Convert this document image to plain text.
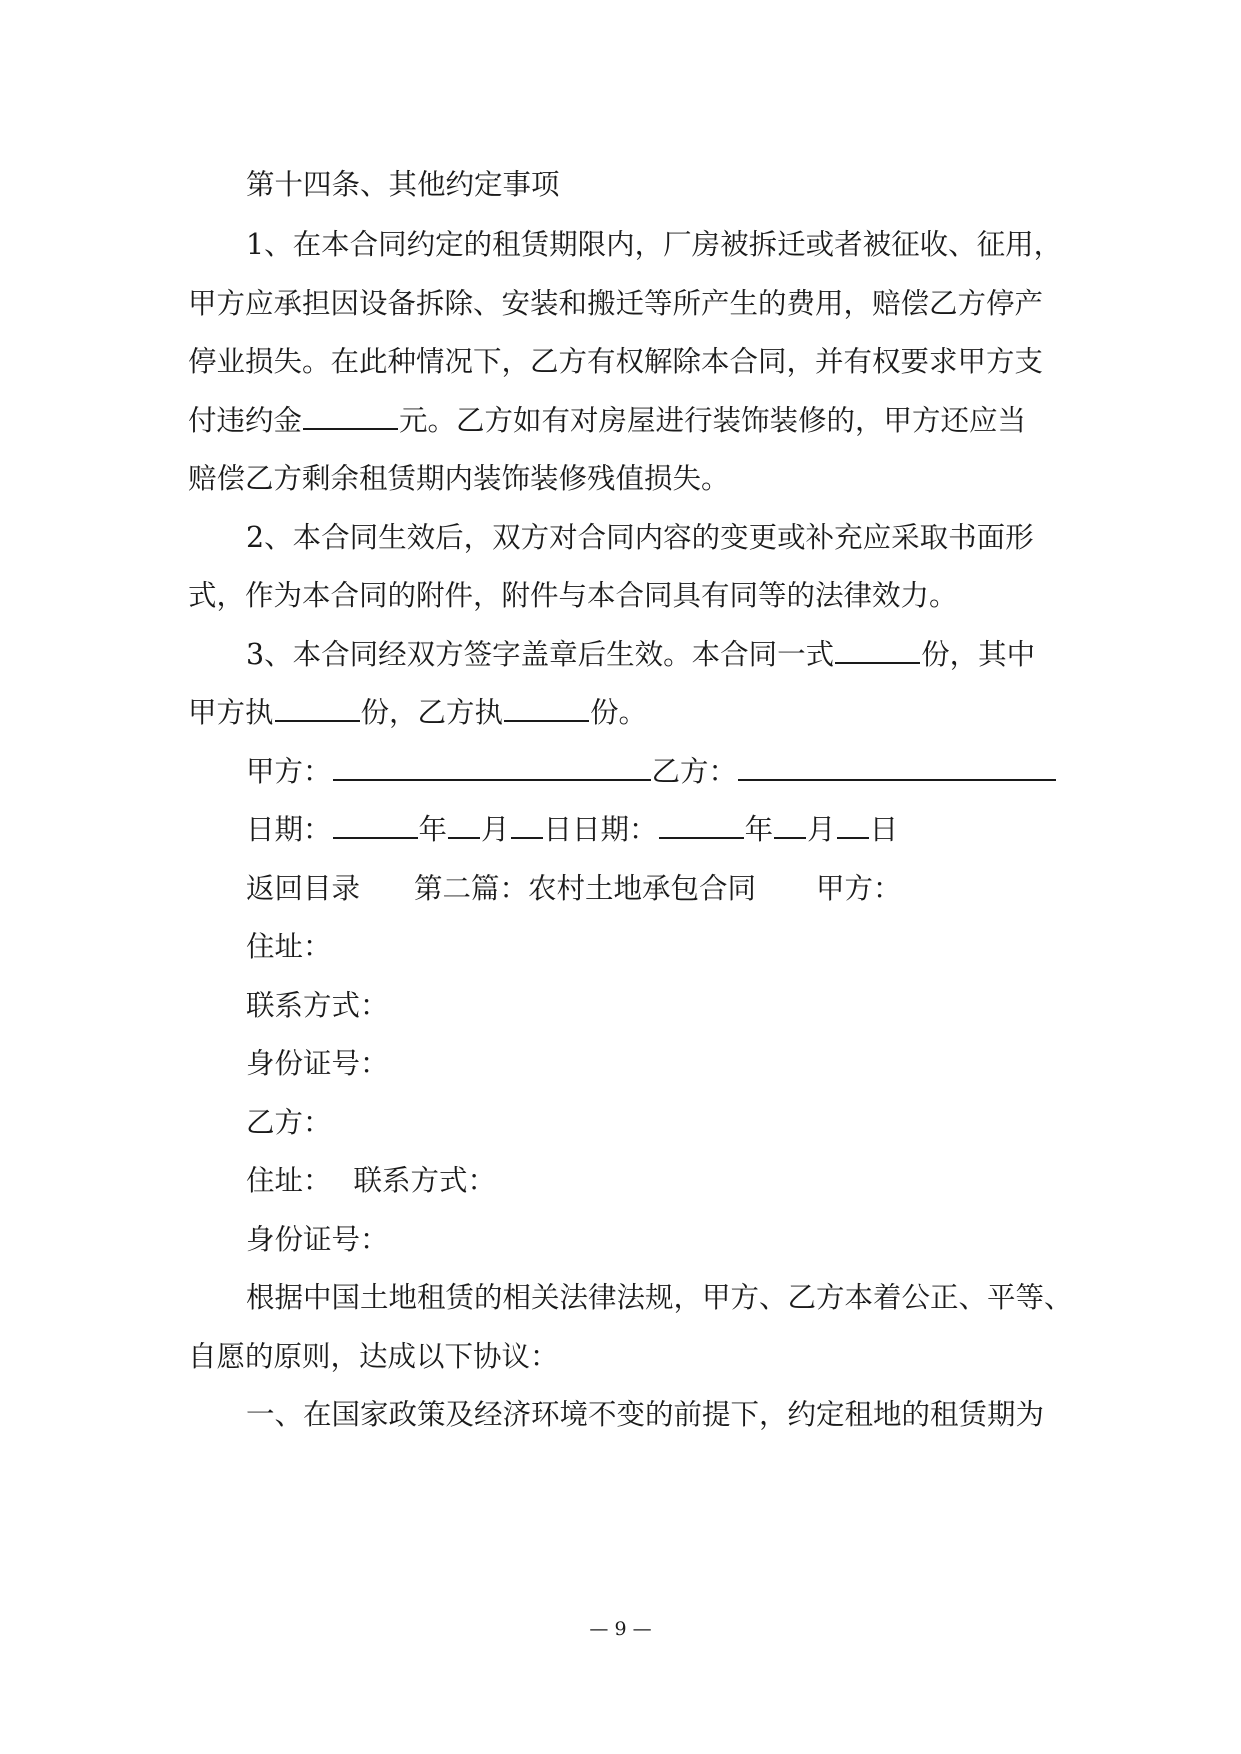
第十四条、其他约定事项
1、在本合同约定的租赁期限内，厂房被拆迁或者被征收、征用，
甲方应承担因设备拆除、安装和搬迁等所产生的费用，赔偿乙方停产
停业损失。在此种情况下，乙方有权解除本合同，并有权要求甲方支
付违约金	元。乙方如有对房屋进行装饰装修的，甲方还应当
赔偿乙方剩余租赁期内装饰装修残值损失。
2、本合同生效后，双方对合同内容的变更或补充应采取书面形
式，作为本合同的附件，附件与本合同具有同等的法律效力。
3、本合同经双方签字盖章后生效。本合同一式	份，其中
甲方执	份，乙方执	份。
甲方：	乙方：
日期：	年 月 日日期：	年 月 日
返回目录 第二篇：农村土地承包合同 甲方：
住址：
联系方式：
身份证号：
乙方：
住址： 联系方式：
身份证号：
根据中国土地租赁的相关法律法规，甲方、乙方本着公正、平等、
自愿的原则，达成以下协议：
一、在国家政策及经济环境不变的前提下，约定租地的租赁期为
— 9 —
